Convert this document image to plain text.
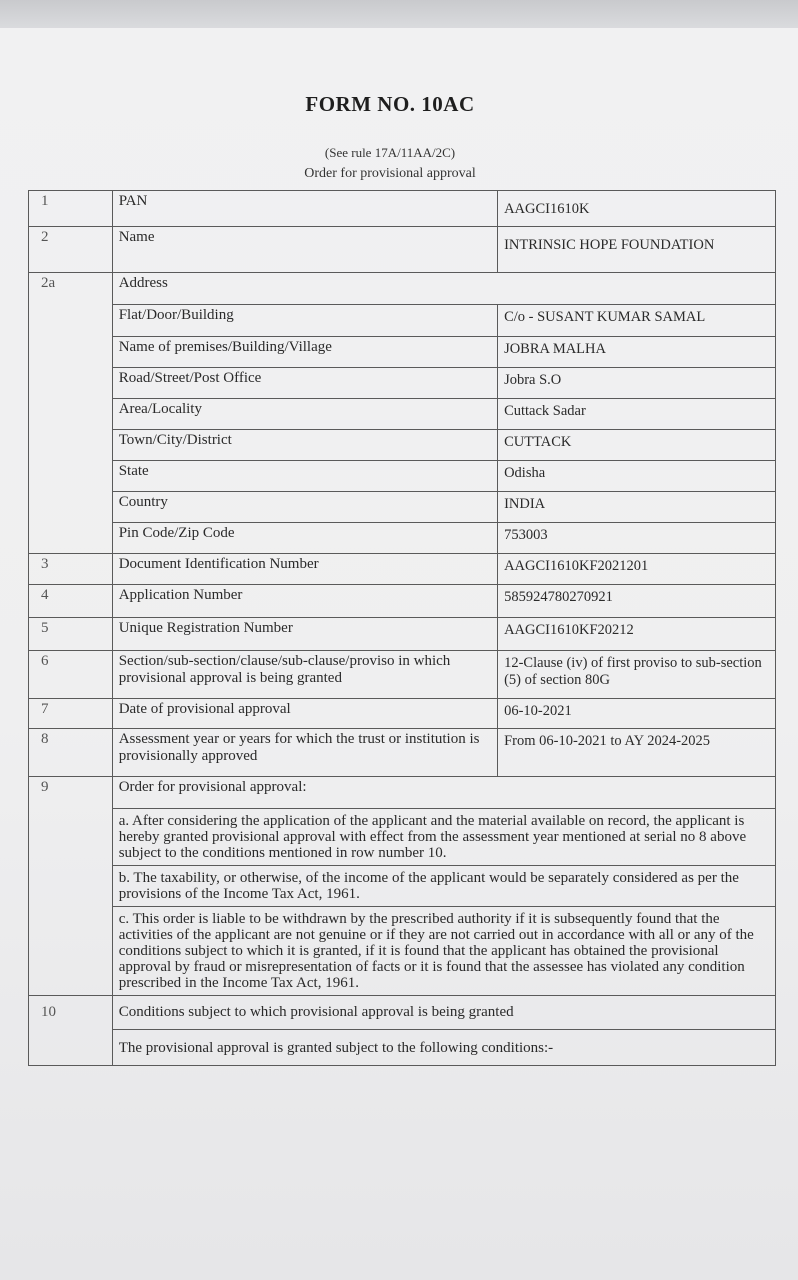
FORM NO. 10AC
(See rule 17A/11AA/2C)
Order for provisional approval
1	PAN	AAGCI1610K
2	Name	INTRINSIC HOPE FOUNDATION
2a	Address	
	Flat/Door/Building	C/o - SUSANT KUMAR SAMAL
	Name of premises/Building/Village	JOBRA MALHA
	Road/Street/Post Office	Jobra S.O
	Area/Locality	Cuttack Sadar
	Town/City/District	CUTTACK
	State	Odisha
	Country	INDIA
	Pin Code/Zip Code	753003
3	Document Identification Number	AAGCI1610KF2021201
4	Application Number	585924780270921
5	Unique Registration Number	AAGCI1610KF20212
6	Section/sub-section/clause/sub-clause/proviso in which provisional approval is being granted	12-Clause (iv) of first proviso to sub-section (5) of section 80G
7	Date of provisional approval	06-10-2021
8	Assessment year or years for which the trust or institution is provisionally approved	From 06-10-2021 to AY 2024-2025
9	Order for provisional approval:	
	a. After considering the application of the applicant and the material available on record, the applicant is hereby granted provisional approval with effect from the assessment year mentioned at serial no 8 above subject to the conditions mentioned in row number 10.	
	b. The taxability, or otherwise, of the income of the applicant would be separately considered as per the provisions of the Income Tax Act, 1961.	
	c. This order is liable to be withdrawn by the prescribed authority if it is subsequently found that the activities of the applicant are not genuine or if they are not carried out in accordance with all or any of the conditions subject to which it is granted, if it is found that the applicant has obtained the provisional approval by fraud or misrepresentation of facts or it is found that the assessee has violated any condition prescribed in the Income Tax Act, 1961.	
10	Conditions subject to which provisional approval is being granted	
	The provisional approval is granted subject to the following conditions:-	
